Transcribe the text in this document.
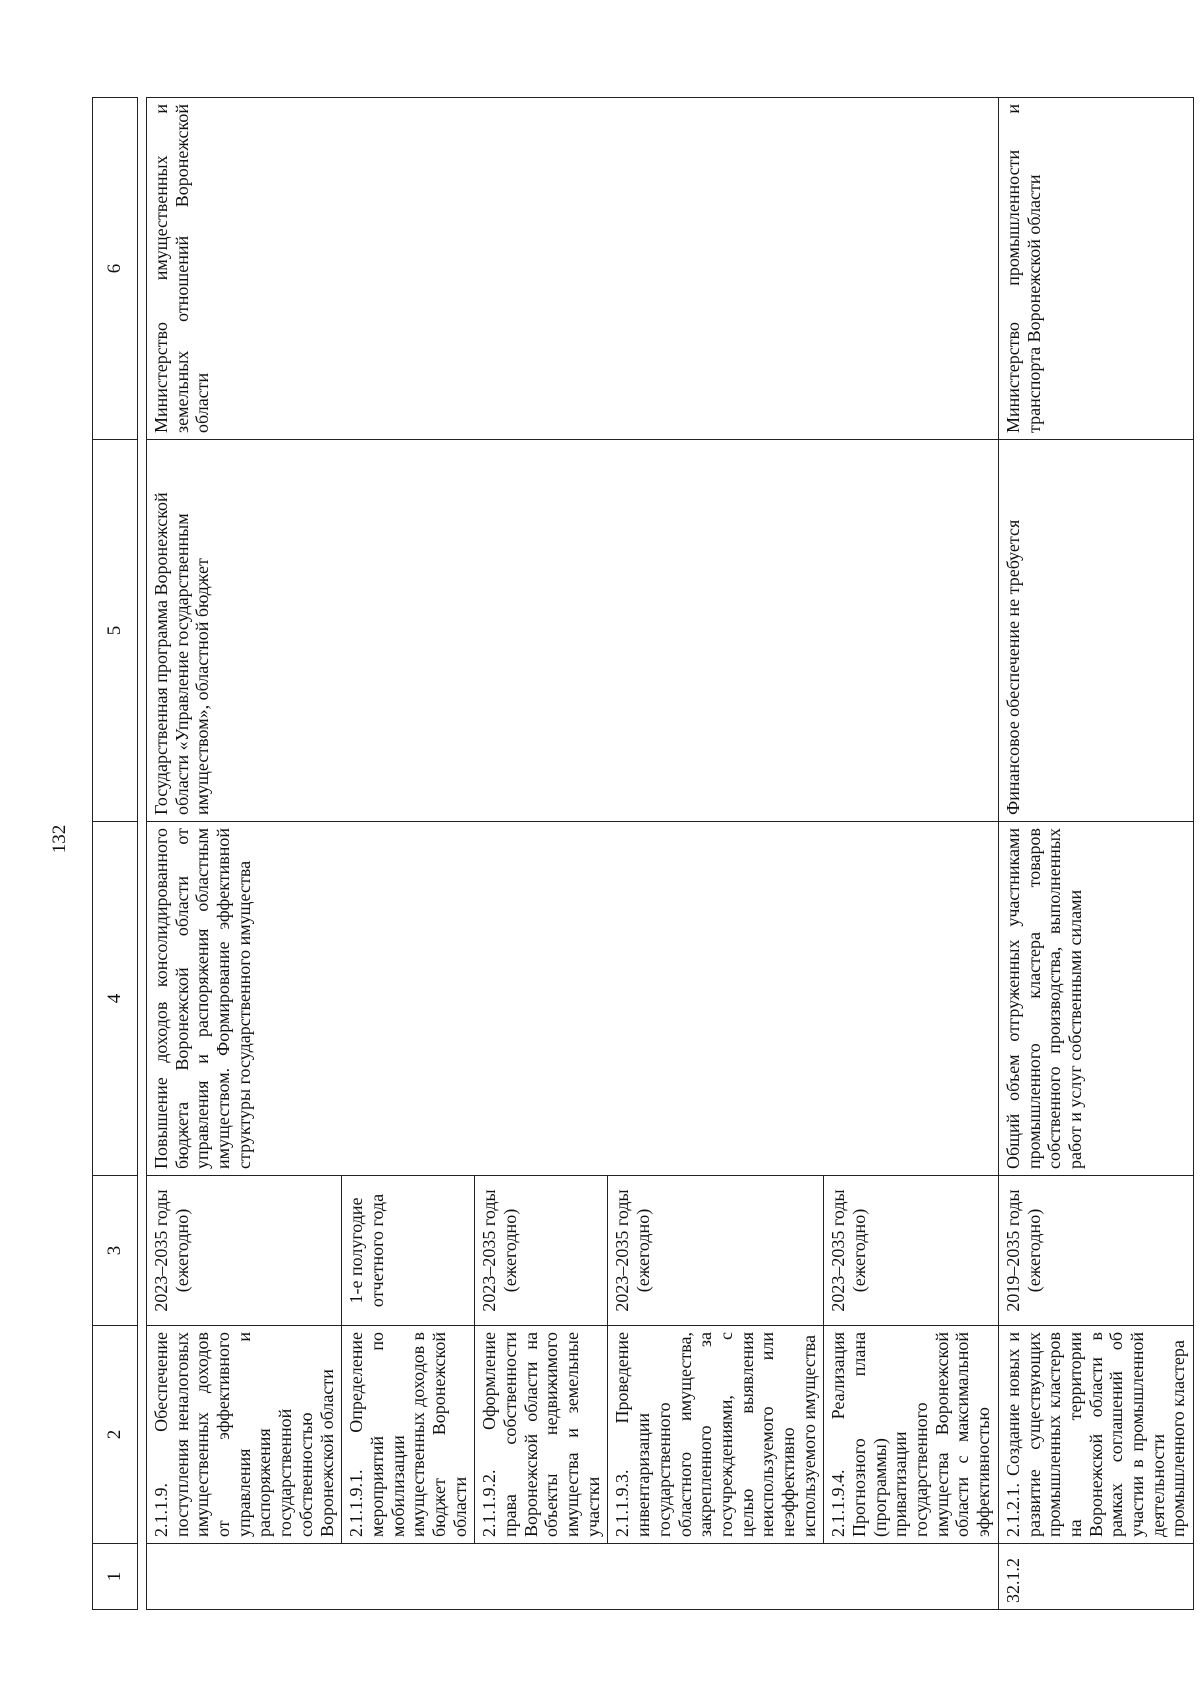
132
1	2	3	4	5	6

	2.1.1.9. Обеспечение поступления неналоговых имущественных доходов от эффективного управления и распоряжения государственной собственностью Воронежской области	2023–2035 годы (ежегодно)	Повышение доходов консолидированного бюджета Воронежской области от управления и распоряжения областным имуществом. Формирование эффективной структуры государственного имущества	Государственная программа Воронежской области «Управление государственным имуществом», областной бюджет	Министерство имущественных и земельных отношений Воронежской области
	2.1.1.9.1. Определение мероприятий по мобилизации имущественных доходов в бюджет Воронежской области	1-е полугодие отчетного года			
	2.1.1.9.2. Оформление права собственности Воронежской области на объекты недвижимого имущества и земельные участки	2023–2035 годы (ежегодно)			
	2.1.1.9.3. Проведение инвентаризации государственного областного имущества, закрепленного за госучреждениями, с целью выявления неиспользуемого или неэффективно используемого имущества	2023–2035 годы (ежегодно)			
	2.1.1.9.4. Реализация Прогнозного плана (программы) приватизации государственного имущества Воронежской области с максимальной эффективностью	2023–2035 годы (ежегодно)			
32.1.2	2.1.2.1. Создание новых и развитие существующих промышленных кластеров на территории Воронежской области в рамках соглашений об участии в промышленной деятельности промышленного кластера	2019–2035 годы (ежегодно)	Общий объем отгруженных участниками промышленного кластера товаров собственного производства, выполненных работ и услуг собственными силами	Финансовое обеспечение не требуется	Министерство промышленности и транспорта Воронежской области
